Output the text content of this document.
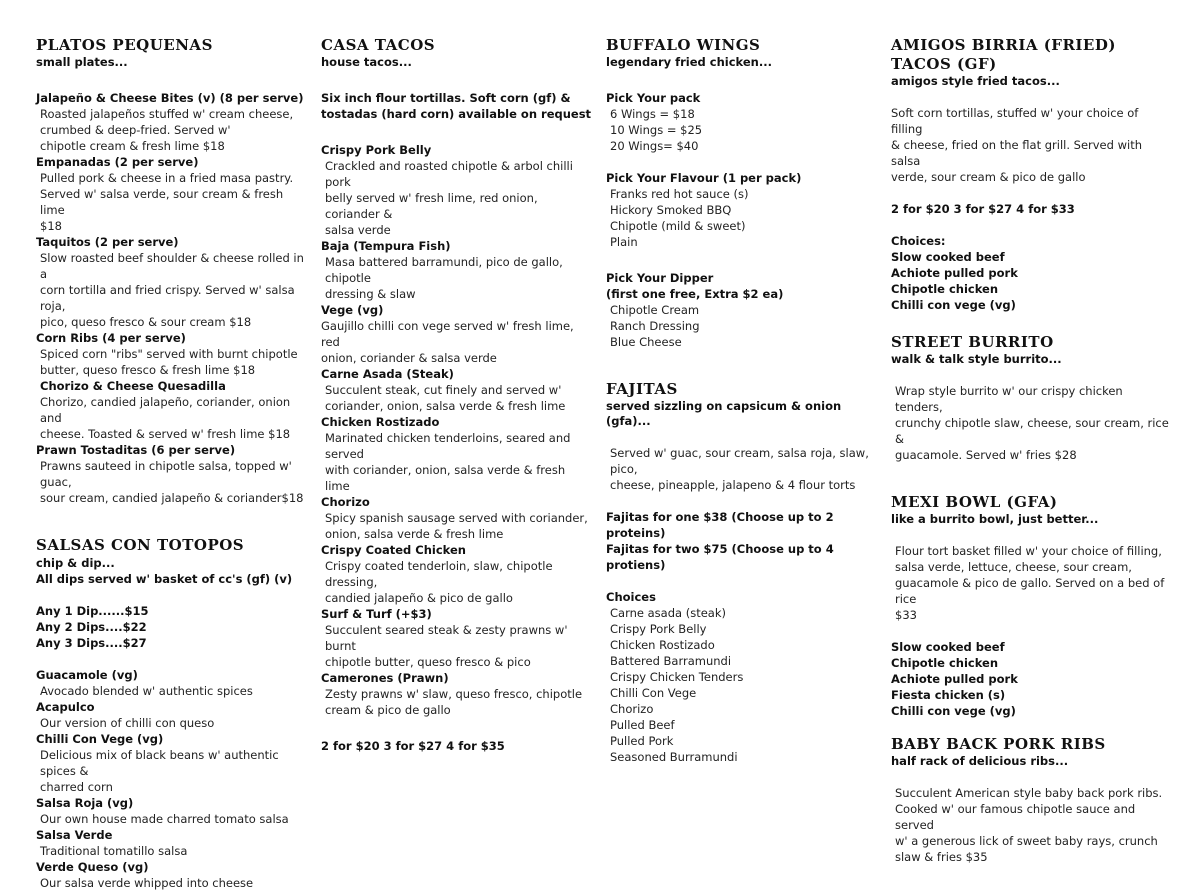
PLATOS PEQUENAS
small plates...
Jalapeño & Cheese Bites (v) (8 per serve)
Roasted jalapeños stuffed w' cream cheese,
crumbed & deep-fried. Served w'
chipotle cream & fresh lime $18
Empanadas (2 per serve)
Pulled pork & cheese in a fried masa pastry.
Served w' salsa verde, sour cream & fresh lime
$18
Taquitos (2 per serve)
Slow roasted beef shoulder & cheese rolled in a
corn tortilla and fried crispy. Served w' salsa roja,
pico, queso fresco & sour cream $18
Corn Ribs (4 per serve)
Spiced corn "ribs" served with burnt chipotle
butter, queso fresco & fresh lime $18
Chorizo & Cheese Quesadilla
Chorizo, candied jalapeño, coriander, onion and
cheese. Toasted & served w' fresh lime $18
Prawn Tostaditas (6 per serve)
Prawns sauteed in chipotle salsa, topped w' guac,
sour cream, candied jalapeño & coriander$18
SALSAS CON TOTOPOS
chip & dip...
All dips served w' basket of cc's (gf) (v)
Any 1 Dip......$15
Any 2 Dips....$22
Any 3 Dips....$27
Guacamole (vg)
Avocado blended w' authentic spices
Acapulco
Our version of chilli con queso
Chilli Con Vege (vg)
Delicious mix of black beans w' authentic spices &
charred corn
Salsa Roja (vg)
Our own house made charred tomato salsa
Salsa Verde
Traditional tomatillo salsa
Verde Queso (vg)
Our salsa verde whipped into cheese
CASA TACOS
house tacos...
Six inch flour tortillas. Soft corn (gf) &
tostadas (hard corn) available on request
Crispy Pork Belly
Crackled and roasted chipotle & arbol chilli pork
belly served w' fresh lime, red onion, coriander &
salsa verde
Baja (Tempura Fish)
Masa battered barramundi, pico de gallo, chipotle
dressing & slaw
Vege (vg)
Gaujillo chilli con vege served w' fresh lime, red
onion, coriander & salsa verde
Carne Asada (Steak)
Succulent steak, cut finely and served w'
coriander, onion, salsa verde & fresh lime
Chicken Rostizado
Marinated chicken tenderloins, seared and served
with coriander, onion, salsa verde & fresh lime
Chorizo
Spicy spanish sausage served with coriander,
onion, salsa verde & fresh lime
Crispy Coated Chicken
Crispy coated tenderloin, slaw, chipotle dressing,
candied jalapeño & pico de gallo
Surf & Turf (+$3)
Succulent seared steak & zesty prawns w' burnt
chipotle butter, queso fresco & pico
Camerones (Prawn)
Zesty prawns w' slaw, queso fresco, chipotle
cream & pico de gallo
2 for $20 3 for $27 4 for $35
BUFFALO WINGS
legendary fried chicken...
Pick Your pack
6 Wings = $18
10 Wings = $25
20 Wings= $40
Pick Your Flavour (1 per pack)
Franks red hot sauce (s)
Hickory Smoked BBQ
Chipotle (mild & sweet)
Plain
Pick Your Dipper
(first one free, Extra $2 ea)
Chipotle Cream
Ranch Dressing
Blue Cheese
FAJITAS
served sizzling on capsicum & onion (gfa)...
Served w' guac, sour cream, salsa roja, slaw, pico,
cheese, pineapple, jalapeno & 4 flour torts
Fajitas for one $38 (Choose up to 2 proteins)
Fajitas for two $75 (Choose up to 4 protiens)
Choices
Carne asada (steak)
Crispy Pork Belly
Chicken Rostizado
Battered Barramundi
Crispy Chicken Tenders
Chilli Con Vege
Chorizo
Pulled Beef
Pulled Pork
Seasoned Burramundi
AMIGOS BIRRIA (FRIED) TACOS (GF)
amigos style fried tacos...
Soft corn tortillas, stuffed w' your choice of filling
& cheese, fried on the flat grill. Served with salsa
verde, sour cream & pico de gallo
2 for $20 3 for $27 4 for $33
Choices:
Slow cooked beef
Achiote pulled pork
Chipotle chicken
Chilli con vege (vg)
STREET BURRITO
walk & talk style burrito...
Wrap style burrito w' our crispy chicken tenders,
crunchy chipotle slaw, cheese, sour cream, rice &
guacamole. Served w' fries $28
MEXI BOWL (GFA)
like a burrito bowl, just better...
Flour tort basket filled w' your choice of filling,
salsa verde, lettuce, cheese, sour cream,
guacamole & pico de gallo. Served on a bed of rice
$33
Slow cooked beef
Chipotle chicken
Achiote pulled pork
Fiesta chicken (s)
Chilli con vege (vg)
BABY BACK PORK RIBS
half rack of delicious ribs...
Succulent American style baby back pork ribs.
Cooked w' our famous chipotle sauce and served
w' a generous lick of sweet baby rays, crunch
slaw & fries $35
